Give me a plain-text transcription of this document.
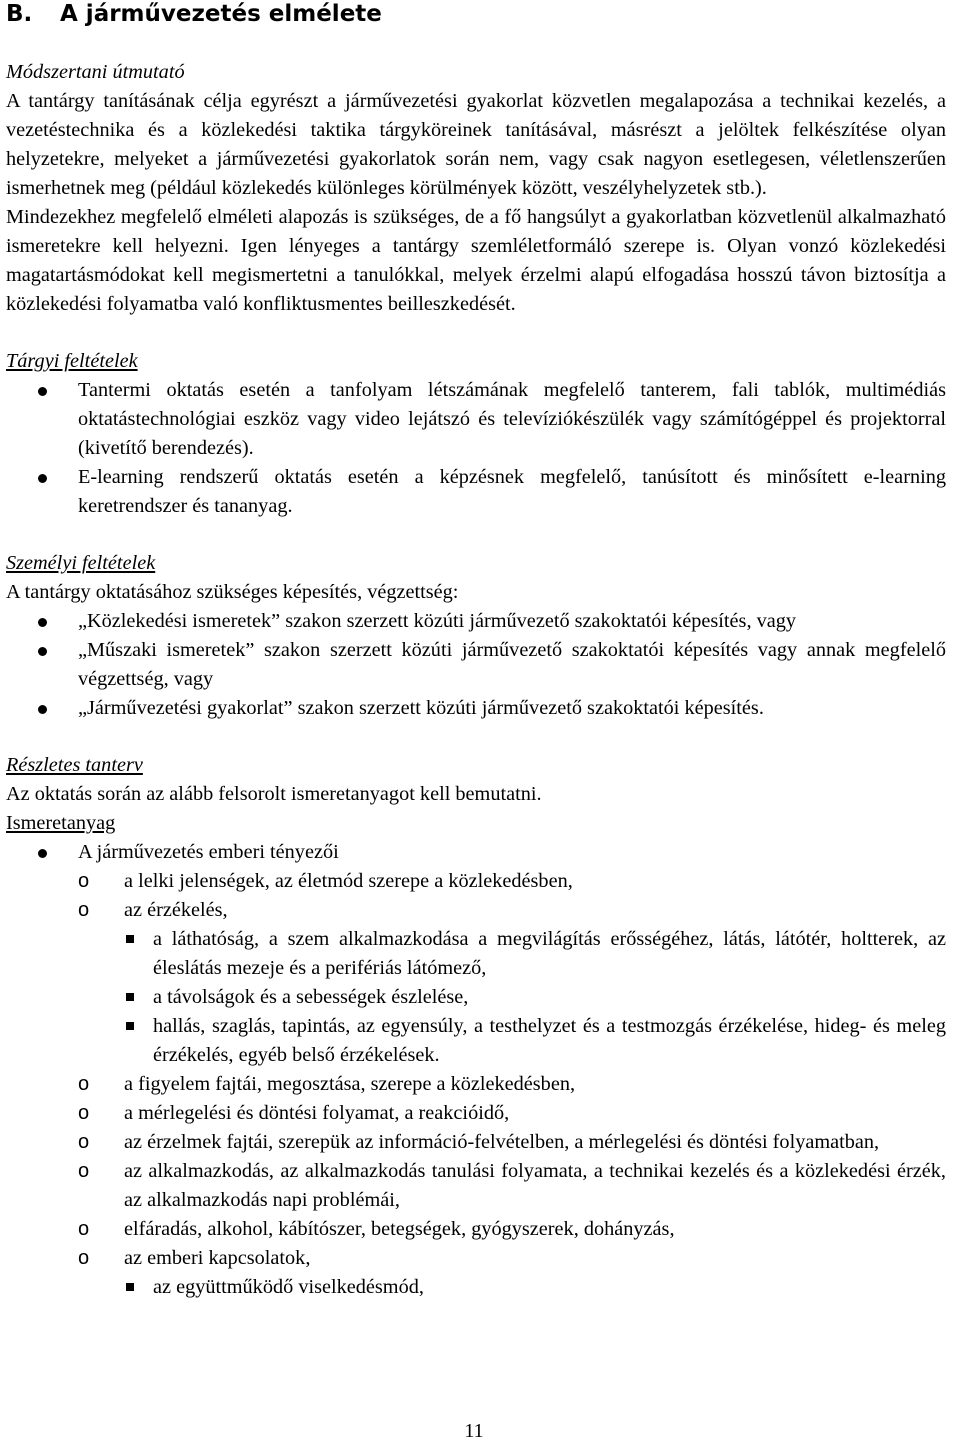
B.	A járművezetés elmélete
Módszertani útmutató

A tantárgy tanításának célja egyrészt a járművezetési gyakorlat közvetlen megalapozása a technikai kezelés, a vezetéstechnika és a közlekedési taktika tárgyköreinek tanításával, másrészt a jelöltek felkészítése olyan helyzetekre, melyeket a járművezetési gyakorlatok során nem, vagy csak nagyon esetlegesen, véletlenszerűen ismerhetnek meg (például közlekedés különleges körülmények között, veszélyhelyzetek stb.).

Mindezekhez megfelelő elméleti alapozás is szükséges, de a fő hangsúlyt a gyakorlatban közvetlenül alkalmazható ismeretekre kell helyezni. Igen lényeges a tantárgy szemléletformáló szerepe is. Olyan vonzó közlekedési magatartásmódokat kell megismertetni a tanulókkal, melyek érzelmi alapú elfogadása hosszú távon biztosítja a közlekedési folyamatba való konfliktusmentes beilleszkedését.

Tárgyi feltételek
Tantermi oktatás esetén a tanfolyam létszámának megfelelő tanterem, fali tablók, multimédiás oktatástechnológiai eszköz vagy video lejátszó és televíziókészülék vagy számítógéppel és projektorral (kivetítő berendezés).
E-learning rendszerű oktatás esetén a képzésnek megfelelő, tanúsított és minősített e-learning keretrendszer és tananyag.
Személyi feltételek

A tantárgy oktatásához szükséges képesítés, végzettség:

„Közlekedési ismeretek” szakon szerzett közúti járművezető szakoktatói képesítés, vagy
„Műszaki ismeretek” szakon szerzett közúti járművezető szakoktatói képesítés vagy annak megfelelő végzettség, vagy
„Járművezetési gyakorlat” szakon szerzett közúti járművezető szakoktatói képesítés.
Részletes tanterv

Az oktatás során az alább felsorolt ismeretanyagot kell bemutatni.

Ismeretanyag
A járművezetés emberi tényezői
o a lelki jelenségek, az életmód szerepe a közlekedésben,
o az érzékelés,
a láthatóság, a szem alkalmazkodása a megvilágítás erősségéhez, látás, látótér, holtterek, az éleslátás mezeje és a perifériás látómező,
a távolságok és a sebességek észlelése,
hallás, szaglás, tapintás, az egyensúly, a testhelyzet és a testmozgás érzékelése, hideg- és meleg érzékelés, egyéb belső érzékelések.
o a figyelem fajtái, megosztása, szerepe a közlekedésben,
o a mérlegelési és döntési folyamat, a reakcióidő,
o az érzelmek fajtái, szerepük az információ-felvételben, a mérlegelési és döntési folyamatban,
o az alkalmazkodás, az alkalmazkodás tanulási folyamata, a technikai kezelés és a közlekedési érzék, az alkalmazkodás napi problémái,
o elfáradás, alkohol, kábítószer, betegségek, gyógyszerek, dohányzás,
o az emberi kapcsolatok,
az együttműködő viselkedésmód,
11
